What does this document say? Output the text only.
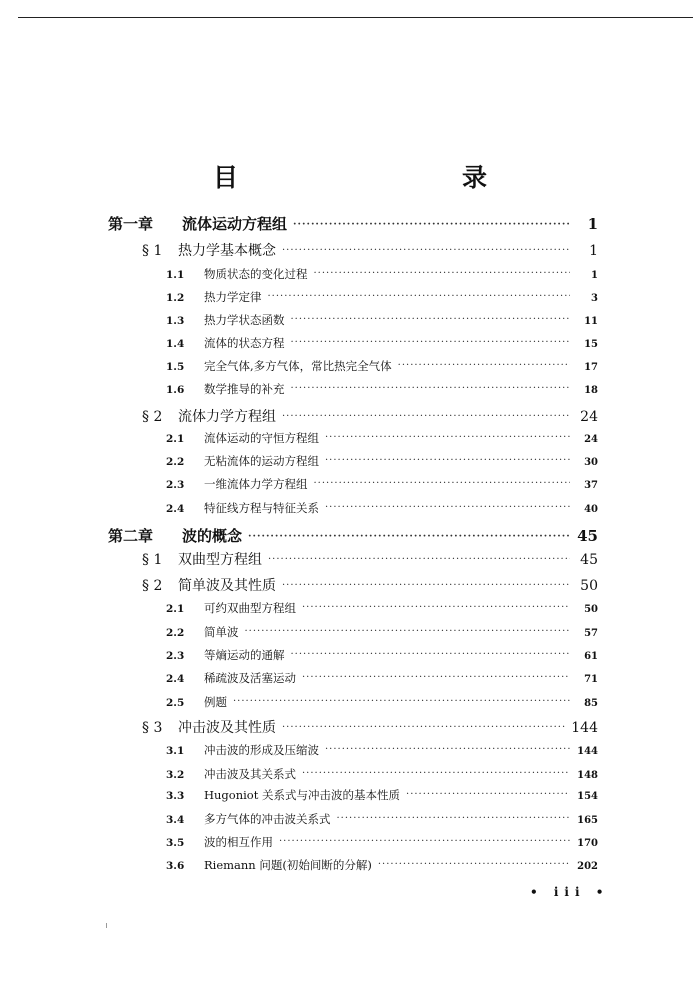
目　　录
第一章	流体运动方程组 ·····	1
§ 1	热力学基本概念 ·····	1
1.1	物质状态的变化过程 ·····	1
1.2	热力学定律 ·····	3
1.3	热力学状态函数 ·····	11
1.4	流体的状态方程 ·····	15
1.5	完全气体,多方气体，常比热完全气体 ·····	17
1.6	数学推导的补充 ·····	18
§ 2	流体力学方程组 ·····	24
2.1	流体运动的守恒方程组 ·····	24
2.2	无粘流体的运动方程组 ·····	30
2.3	一维流体力学方程组 ·····	37
2.4	特征线方程与特征关系 ·····	40
第二章	波的概念 ·····	45
§ 1	双曲型方程组 ·····	45
§ 2	简单波及其性质 ·····	50
2.1	可约双曲型方程组 ·····	50
2.2	简单波 ·····	57
2.3	等熵运动的通解 ·····	61
2.4	稀疏波及活塞运动 ·····	71
2.5	例题 ·····	85
§ 3	冲击波及其性质 ·····	144
3.1	冲击波的形成及压缩波 ·····	144
3.2	冲击波及其关系式 ·····	148
3.3	Hugoniot 关系式与冲击波的基本性质 ·····	154
3.4	多方气体的冲击波关系式 ·····	165
3.5	波的相互作用 ·····	170
3.6	Riemann 问题(初始间断的分解) ·····	202
• iii •
